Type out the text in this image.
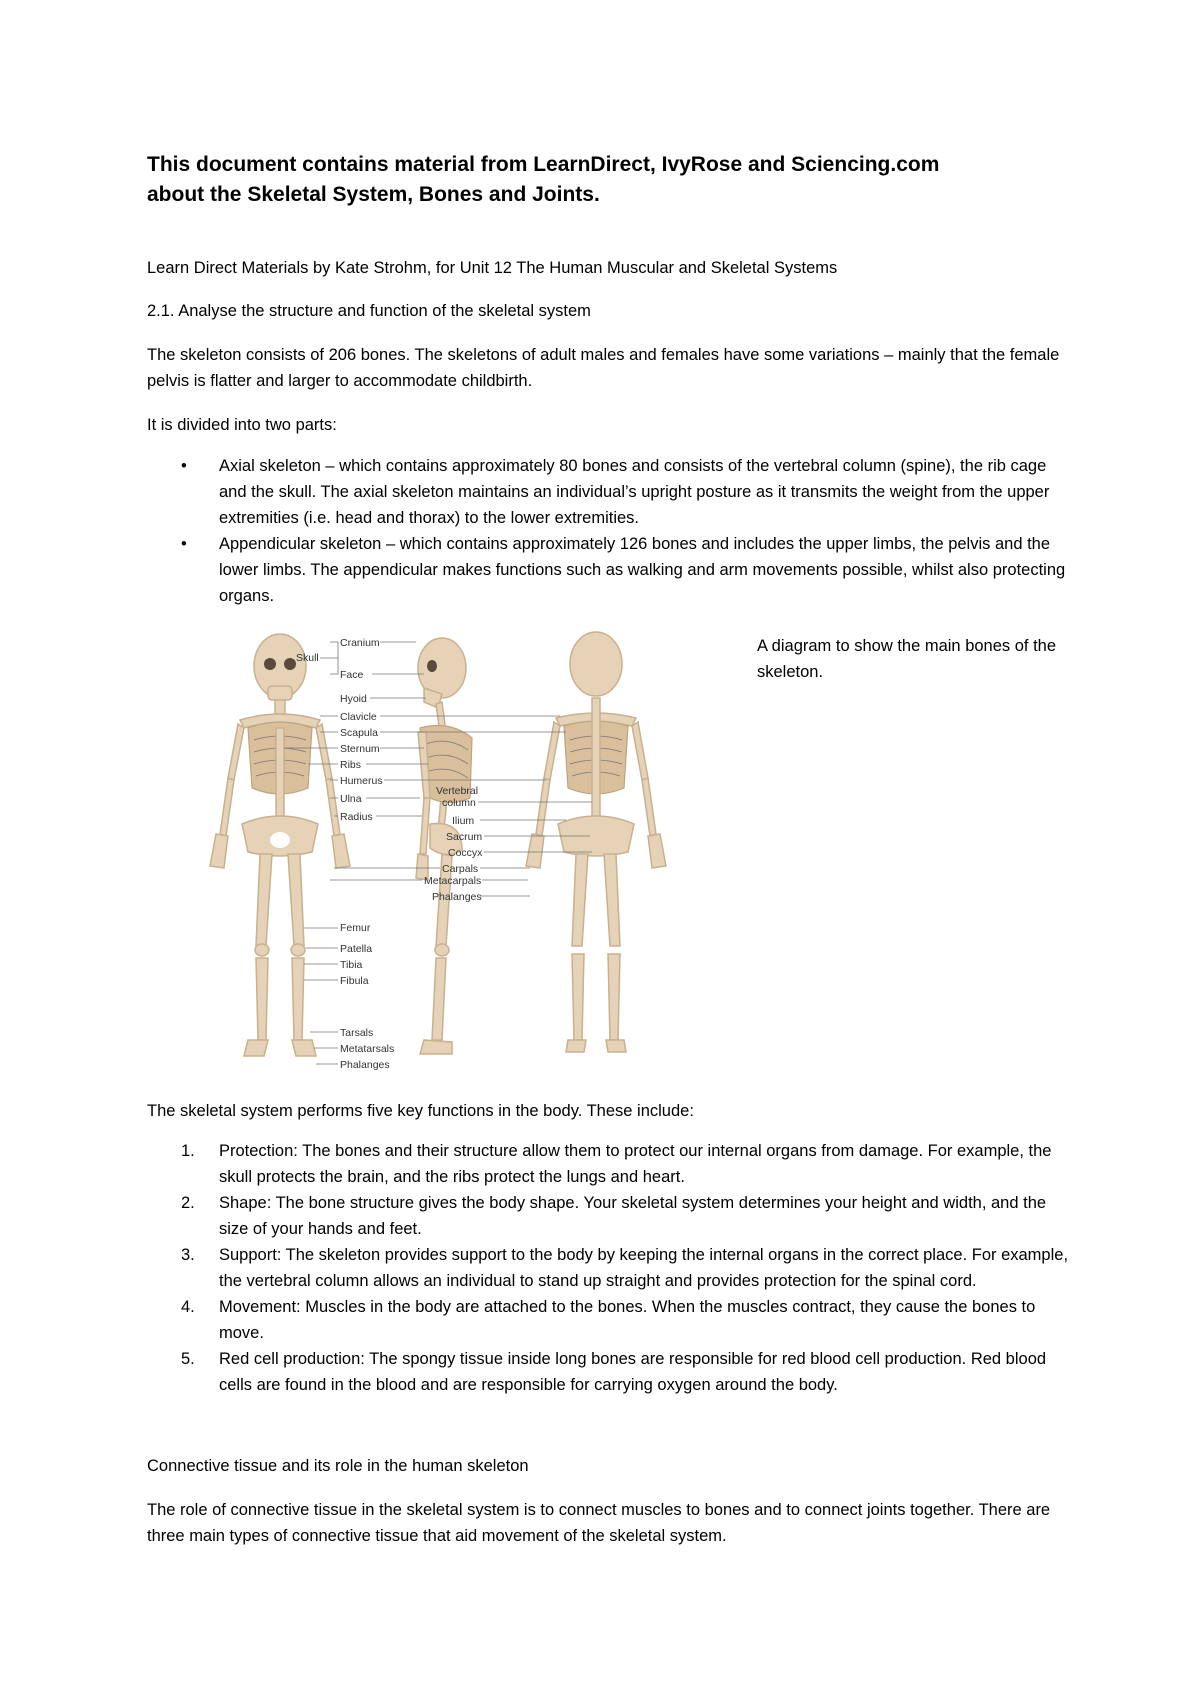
This document contains material from LearnDirect, IvyRose and Sciencing.com
about the Skeletal System, Bones and Joints.
Learn Direct Materials by Kate Strohm, for Unit 12 The Human Muscular and Skeletal Systems
2.1. Analyse the structure and function of the skeletal system
The skeleton consists of 206 bones. The skeletons of adult males and females have some variations – mainly that the female pelvis is flatter and larger to accommodate childbirth.
It is divided into two parts:
• Axial skeleton – which contains approximately 80 bones and consists of the vertebral column (spine), the rib cage and the skull. The axial skeleton maintains an individual’s upright posture as it transmits the weight from the upper extremities (i.e. head and thorax) to the lower extremities.
• Appendicular skeleton – which contains approximately 126 bones and includes the upper limbs, the pelvis and the lower limbs. The appendicular makes functions such as walking and arm movements possible, whilst also protecting organs.
Skull
Cranium
Face
Hyoid
Clavicle
Scapula
Sternum
Ribs
Humerus
Ulna
Radius
Vertebral
column
Ilium
Sacrum
Coccyx
Carpals
Metacarpals
Phalanges
Femur
Patella
Tibia
Fibula
Tarsals
Metatarsals
Phalanges
A diagram to show the main bones of the skeleton.
The skeletal system performs five key functions in the body. These include:
1. Protection: The bones and their structure allow them to protect our internal organs from damage. For example, the skull protects the brain, and the ribs protect the lungs and heart.
2. Shape: The bone structure gives the body shape. Your skeletal system determines your height and width, and the size of your hands and feet.
3. Support: The skeleton provides support to the body by keeping the internal organs in the correct place. For example, the vertebral column allows an individual to stand up straight and provides protection for the spinal cord.
4. Movement: Muscles in the body are attached to the bones. When the muscles contract, they cause the bones to move.
5. Red cell production: The spongy tissue inside long bones are responsible for red blood cell production. Red blood cells are found in the blood and are responsible for carrying oxygen around the body.
Connective tissue and its role in the human skeleton
The role of connective tissue in the skeletal system is to connect muscles to bones and to connect joints together. There are three main types of connective tissue that aid movement of the skeletal system.
